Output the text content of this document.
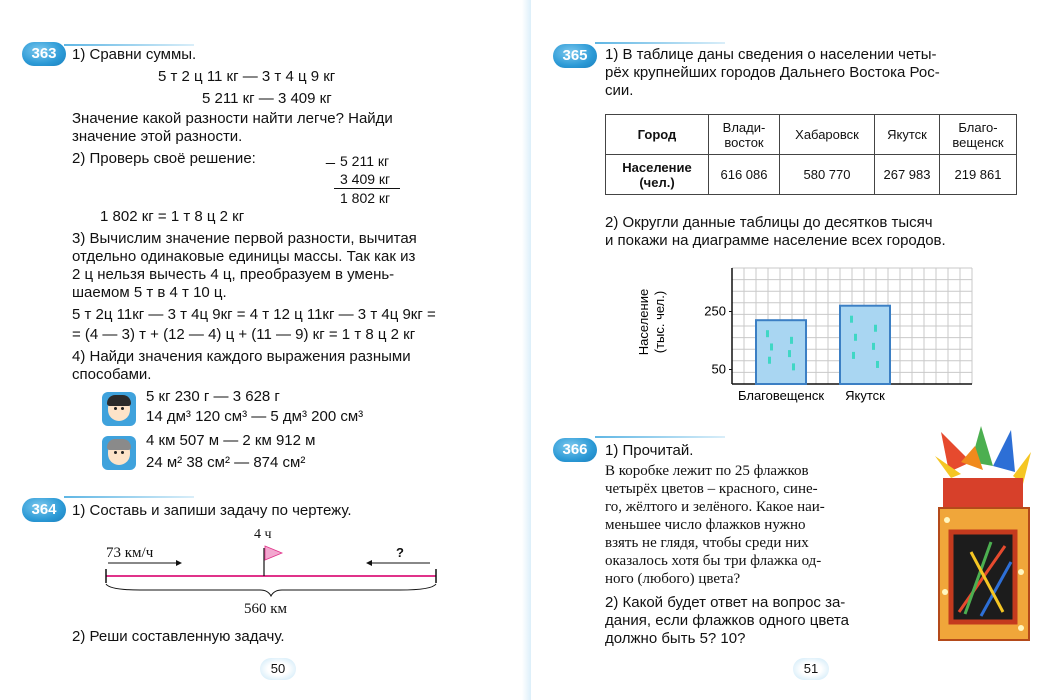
363	1) Сравни суммы.
5 т 2 ц 11 кг — 3 т 4 ц 9 кг
5 211 кг — 3 409 кг
Значение какой разности найти легче? Найди
значение этой разности.
2) Проверь своё решение:	_ 5 211 кг
3 409 кг
1 802 кг
1 802 кг = 1 т 8 ц 2 кг
3) Вычислим значение первой разности, вычитая
отдельно одинаковые единицы массы. Так как из
2 ц нельзя вычесть 4 ц, преобразуем в умень-
шаемом 5 т в 4 т 10 ц.
5 т 2ц 11кг — 3 т 4ц 9кг = 4 т 12 ц 11кг — 3 т 4ц 9кг =
= (4 — 3) т + (12 — 4) ц + (11 — 9) кг = 1 т 8 ц 2 кг
4) Найди значения каждого выражения разными
способами.
5 кг 230 г — 3 628 г
14 дм³ 120 см³ — 5 дм³ 200 см³
4 км 507 м — 2 км 912 м
24 м² 38 см² — 874 см²
364	1) Составь и запиши задачу по чертежу.
73 км/ч
4 ч
?
560 км
2) Реши составленную задачу.
50
365	1) В таблице даны сведения о населении четы-
рёх крупнейших городов Дальнего Востока Рос-
сии.
Город	Влади-
восток	Хабаровск	Якутск	Благо-
вещенск
Население
(чел.)	616 086	580 770	267 983	219 861
2) Округли данные таблицы до десятков тысяч
и покажи на диаграмме население всех городов.
50
250
Благовещенск Якутск
Население (тыс. чел.)
366	1) Прочитай.
В коробке лежит по 25 флажков
четырёх цветов – красного, сине-
го, жёлтого и зелёного. Какое наи-
меньшее число флажков нужно
взять не глядя, чтобы среди них
оказалось хотя бы три флажка од-
ного (любого) цвета?
2) Какой будет ответ на вопрос за-
дания, если флажков одного цвета
должно быть 5? 10?
51
